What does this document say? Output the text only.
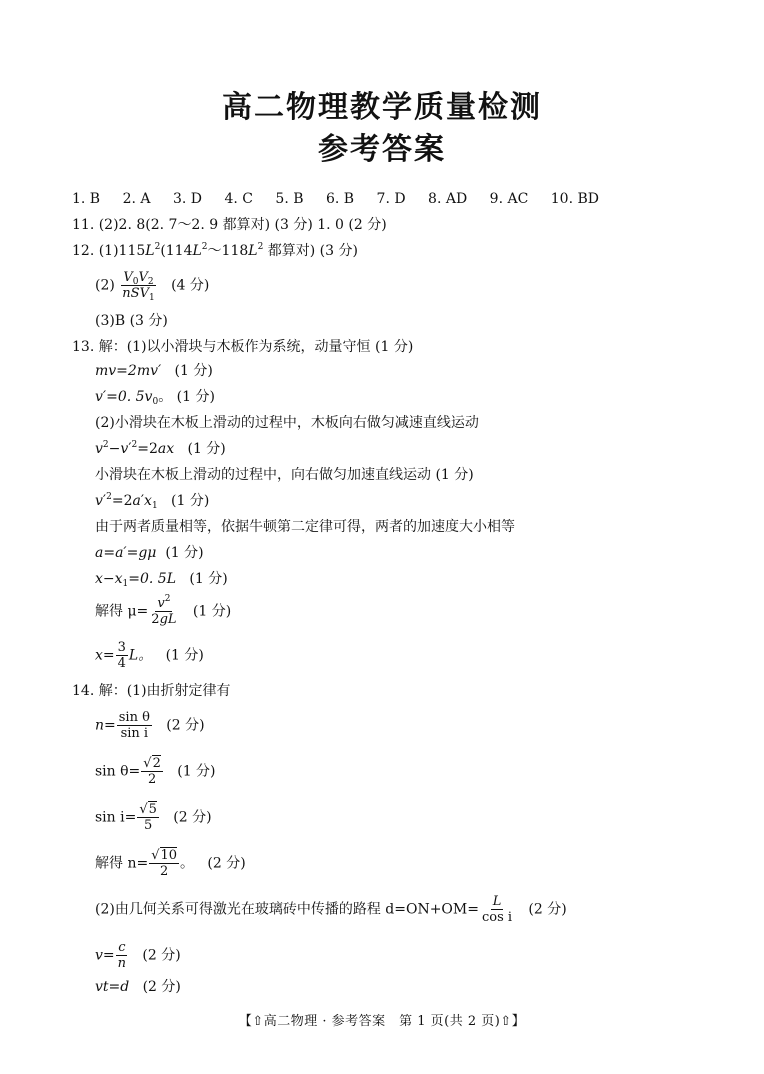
高二物理教学质量检测
参考答案
1. B 2. A 3. D 4. C 5. B 6. B 7. D 8. AD 9. AC 10. BD
11. (2)2. 8(2. 7～2. 9 都算对) (3 分) 1. 0 (2 分)
12. $(1)115L^2(114L^2\sim 118L^2$ 都算对) (3 分)
$(2) \frac{V_0V_2}{nSV_1} (4$ 分)
(3)B (3 分)
13. 解：(1)以小滑块与木板作为系统，动量守恒 (1 分)
mv=2mv′ (1 分)
v′=0. $5v_0$。 (1 分)
(2)小滑块在木板上滑动的过程中，木板向右做匀减速直线运动
$v^2-v'^2=2ax$ (1 分)
小滑块在木板上滑动的过程中，向右做匀加速直线运动 (1 分)
$v'^2=2a'x_1$ (1 分)
由于两者质量相等，依据牛顿第二定律可得，两者的加速度大小相等
a=a′=gμ (1 分)
$x-x_1=0$. 5L (1 分)
解得 $\mu= \frac{v^2}{2gL} (1$ 分)
$x= \frac{3}{4}$ L。 (1 分)
14. 解：(1)由折射定律有
$n= \frac{\text{sin θ}}{\text{sin i}} (2$ 分)
$\sin \theta= \frac{√2}{2} (1$ 分)
$\sin i= \frac{√5}{5} (2$ 分)
解得 $n= \frac{√10}{2}$ 。 (2 分)
(2)由几何关系可得激光在玻璃砖中传播的路程 $d=ON+OM= \frac{L}{\text{cos i}} (2$ 分)
$v= \frac{c}{n} (2$ 分)
vt=d (2 分)
【⇧高二物理 · 参考答案　第 1 页(共 2 页)⇧】
